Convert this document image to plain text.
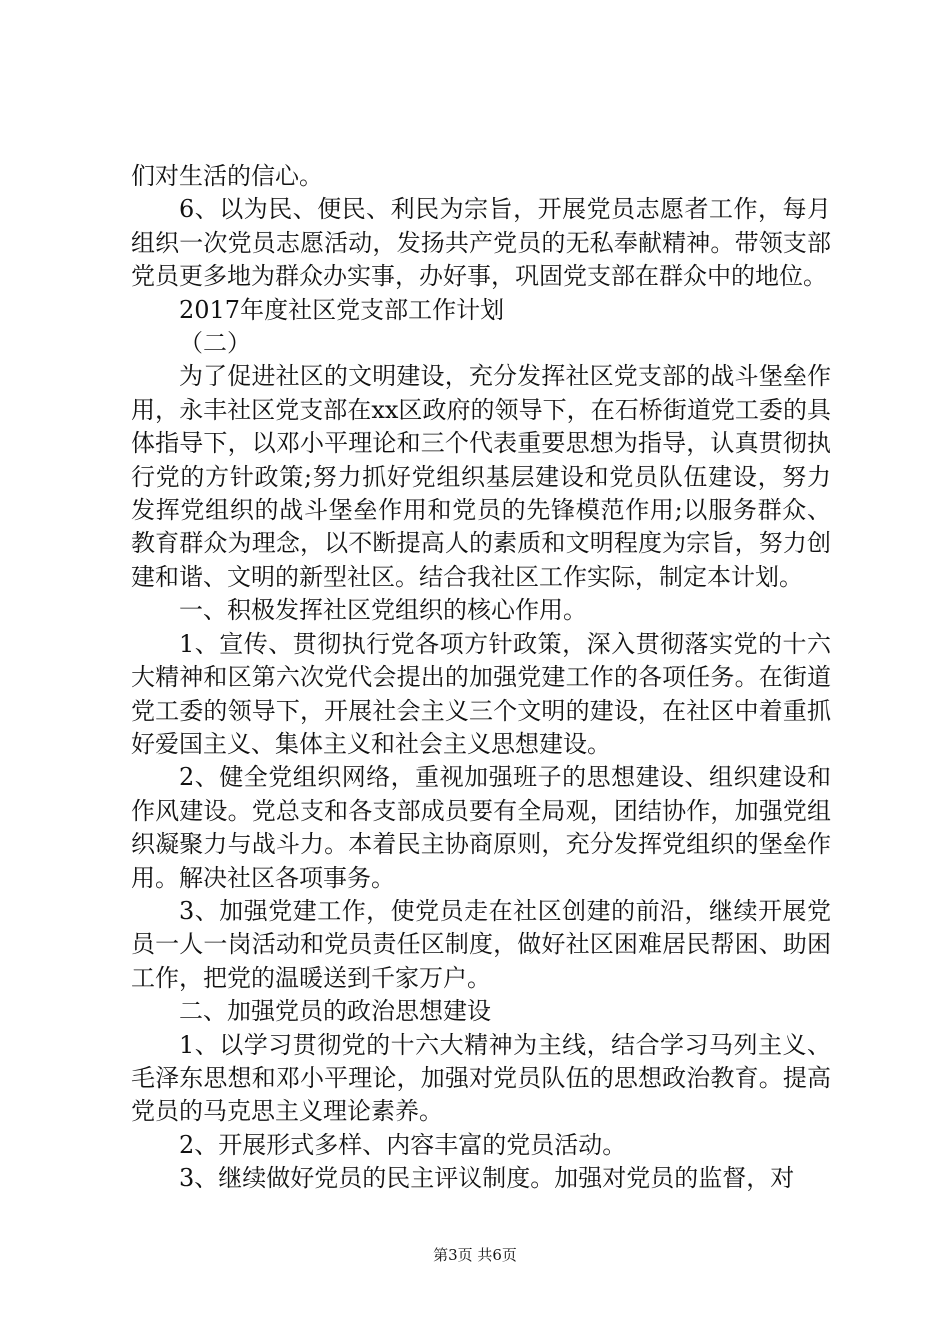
们对生活的信心。

6、以为民、便民、利民为宗旨，开展党员志愿者工作，每月组织一次党员志愿活动，发扬共产党员的无私奉献精神。带领支部党员更多地为群众办实事，办好事，巩固党支部在群众中的地位。

2017年度社区党支部工作计划

（二）

为了促进社区的文明建设，充分发挥社区党支部的战斗堡垒作用，永丰社区党支部在xx区政府的领导下，在石桥街道党工委的具体指导下，以邓小平理论和三个代表重要思想为指导，认真贯彻执行党的方针政策;努力抓好党组织基层建设和党员队伍建设，努力发挥党组织的战斗堡垒作用和党员的先锋模范作用;以服务群众、教育群众为理念，以不断提高人的素质和文明程度为宗旨，努力创建和谐、文明的新型社区。结合我社区工作实际，制定本计划。

一、积极发挥社区党组织的核心作用。

1、宣传、贯彻执行党各项方针政策，深入贯彻落实党的十六大精神和区第六次党代会提出的加强党建工作的各项任务。在街道党工委的领导下，开展社会主义三个文明的建设，在社区中着重抓好爱国主义、集体主义和社会主义思想建设。

2、健全党组织网络，重视加强班子的思想建设、组织建设和作风建设。党总支和各支部成员要有全局观，团结协作，加强党组织凝聚力与战斗力。本着民主协商原则，充分发挥党组织的堡垒作用。解决社区各项事务。

3、加强党建工作，使党员走在社区创建的前沿，继续开展党员一人一岗活动和党员责任区制度，做好社区困难居民帮困、助困工作，把党的温暖送到千家万户。

二、加强党员的政治思想建设

1、以学习贯彻党的十六大精神为主线，结合学习马列主义、毛泽东思想和邓小平理论，加强对党员队伍的思想政治教育。提高党员的马克思主义理论素养。

2、开展形式多样、内容丰富的党员活动。

3、继续做好党员的民主评议制度。加强对党员的监督，对

第3页 共6页
